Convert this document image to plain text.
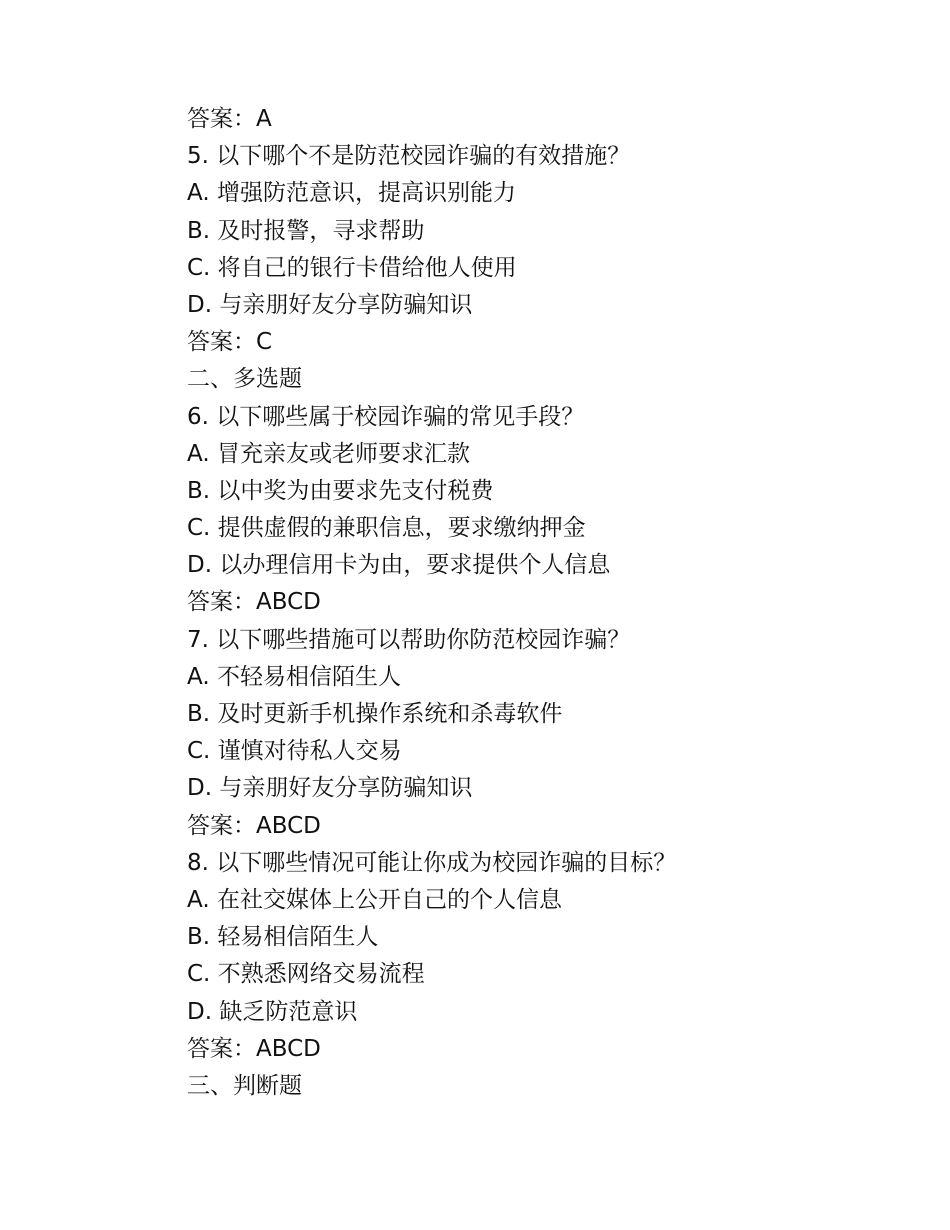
答案：A

5. 以下哪个不是防范校园诈骗的有效措施？

A. 增强防范意识，提高识别能力

B. 及时报警，寻求帮助

C. 将自己的银行卡借给他人使用

D. 与亲朋好友分享防骗知识

答案：C

二、多选题

6. 以下哪些属于校园诈骗的常见手段？

A. 冒充亲友或老师要求汇款

B. 以中奖为由要求先支付税费

C. 提供虚假的兼职信息，要求缴纳押金

D. 以办理信用卡为由，要求提供个人信息

答案：ABCD

7. 以下哪些措施可以帮助你防范校园诈骗？

A. 不轻易相信陌生人

B. 及时更新手机操作系统和杀毒软件

C. 谨慎对待私人交易

D. 与亲朋好友分享防骗知识

答案：ABCD

8. 以下哪些情况可能让你成为校园诈骗的目标？

A. 在社交媒体上公开自己的个人信息

B. 轻易相信陌生人

C. 不熟悉网络交易流程

D. 缺乏防范意识

答案：ABCD

三、判断题
